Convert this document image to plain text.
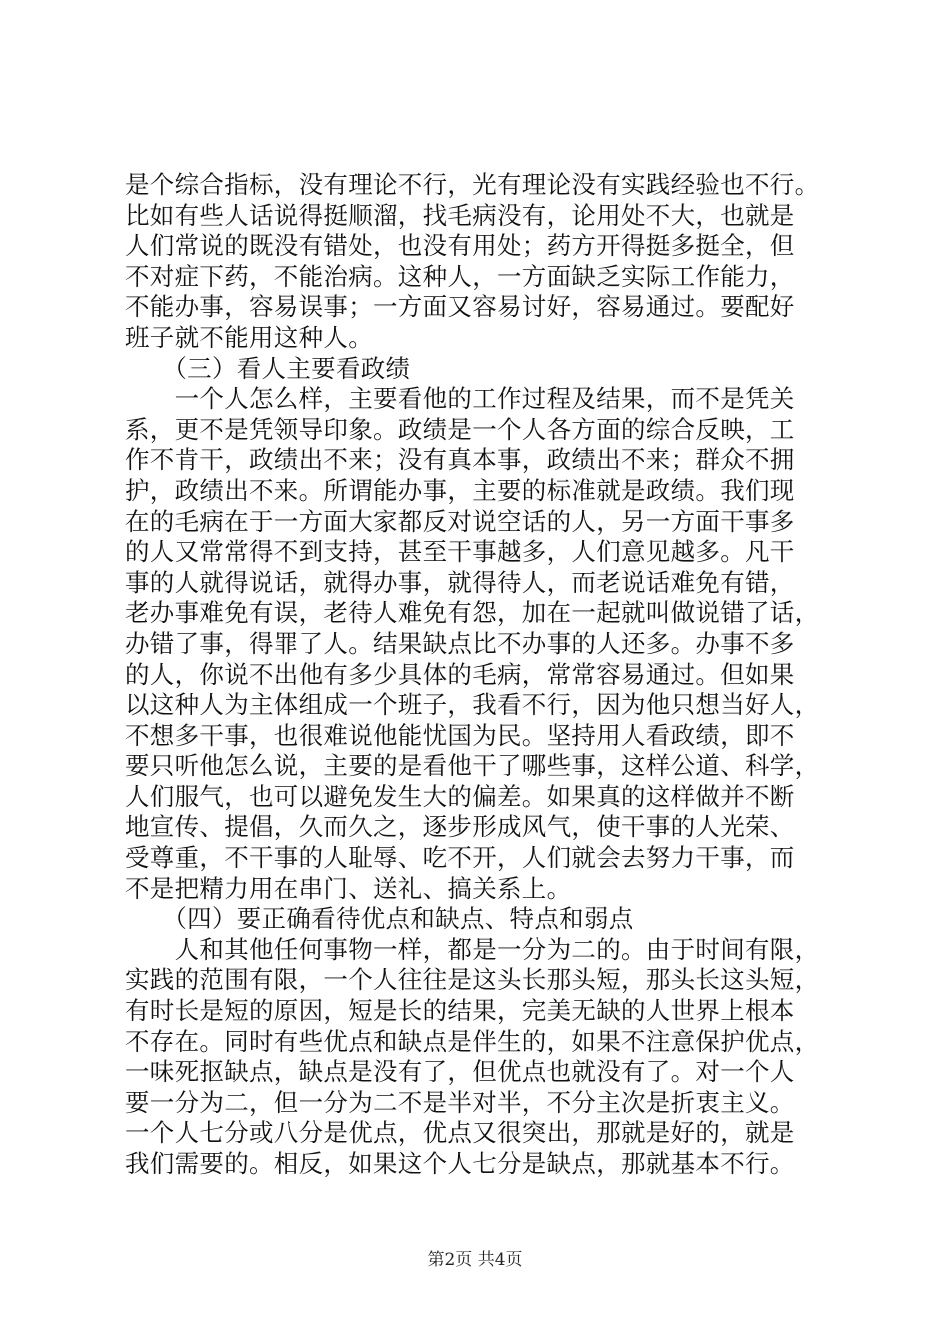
是个综合指标，没有理论不行，光有理论没有实践经验也不行。
比如有些人话说得挺顺溜，找毛病没有，论用处不大，也就是
人们常说的既没有错处，也没有用处；药方开得挺多挺全，但
不对症下药，不能治病。这种人，一方面缺乏实际工作能力，
不能办事，容易误事；一方面又容易讨好，容易通过。要配好
班子就不能用这种人。
　　（三）看人主要看政绩
　　一个人怎么样，主要看他的工作过程及结果，而不是凭关
系，更不是凭领导印象。政绩是一个人各方面的综合反映，工
作不肯干，政绩出不来；没有真本事，政绩出不来；群众不拥
护，政绩出不来。所谓能办事，主要的标准就是政绩。我们现
在的毛病在于一方面大家都反对说空话的人，另一方面干事多
的人又常常得不到支持，甚至干事越多，人们意见越多。凡干
事的人就得说话，就得办事，就得待人，而老说话难免有错，
老办事难免有误，老待人难免有怨，加在一起就叫做说错了话，
办错了事，得罪了人。结果缺点比不办事的人还多。办事不多
的人，你说不出他有多少具体的毛病，常常容易通过。但如果
以这种人为主体组成一个班子，我看不行，因为他只想当好人，
不想多干事，也很难说他能忧国为民。坚持用人看政绩，即不
要只听他怎么说，主要的是看他干了哪些事，这样公道、科学，
人们服气，也可以避免发生大的偏差。如果真的这样做并不断
地宣传、提倡，久而久之，逐步形成风气，使干事的人光荣、
受尊重，不干事的人耻辱、吃不开，人们就会去努力干事，而
不是把精力用在串门、送礼、搞关系上。
　　（四）要正确看待优点和缺点、特点和弱点
　　人和其他任何事物一样，都是一分为二的。由于时间有限，
实践的范围有限，一个人往往是这头长那头短，那头长这头短，
有时长是短的原因，短是长的结果，完美无缺的人世界上根本
不存在。同时有些优点和缺点是伴生的，如果不注意保护优点，
一味死抠缺点，缺点是没有了，但优点也就没有了。对一个人
要一分为二，但一分为二不是半对半，不分主次是折衷主义。
一个人七分或八分是优点，优点又很突出，那就是好的，就是
我们需要的。相反，如果这个人七分是缺点，那就基本不行。
第2页 共4页
